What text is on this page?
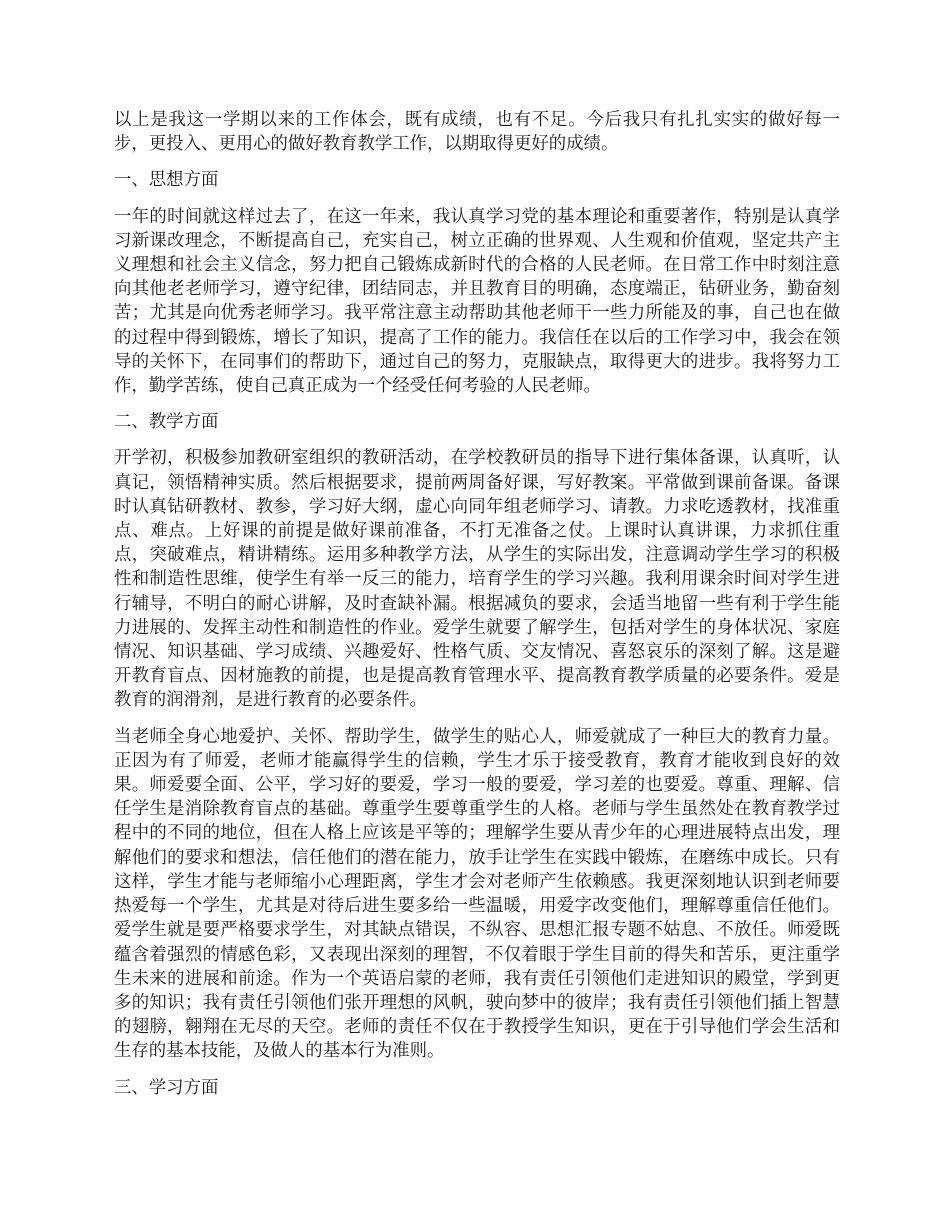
以上是我这一学期以来的工作体会，既有成绩，也有不足。今后我只有扎扎实实的做好每一步，更投入、更用心的做好教育教学工作，以期取得更好的成绩。

一、思想方面

一年的时间就这样过去了，在这一年来，我认真学习党的基本理论和重要著作，特别是认真学习新课改理念，不断提高自己，充实自己，树立正确的世界观、人生观和价值观，坚定共产主义理想和社会主义信念，努力把自己锻炼成新时代的合格的人民老师。在日常工作中时刻注意向其他老老师学习，遵守纪律，团结同志，并且教育目的明确，态度端正，钻研业务，勤奋刻苦；尤其是向优秀老师学习。我平常注意主动帮助其他老师干一些力所能及的事，自己也在做的过程中得到锻炼，增长了知识，提高了工作的能力。我信任在以后的工作学习中，我会在领导的关怀下，在同事们的帮助下，通过自己的努力，克服缺点，取得更大的进步。我将努力工作，勤学苦练，使自己真正成为一个经受任何考验的人民老师。

二、教学方面

开学初，积极参加教研室组织的教研活动，在学校教研员的指导下进行集体备课，认真听，认真记，领悟精神实质。然后根据要求，提前两周备好课，写好教案。平常做到课前备课。备课时认真钻研教材、教参，学习好大纲，虚心向同年组老师学习、请教。力求吃透教材，找准重点、难点。上好课的前提是做好课前准备，不打无准备之仗。上课时认真讲课，力求抓住重点，突破难点，精讲精练。运用多种教学方法，从学生的实际出发，注意调动学生学习的积极性和制造性思维，使学生有举一反三的能力，培育学生的学习兴趣。我利用课余时间对学生进行辅导，不明白的耐心讲解，及时查缺补漏。根据减负的要求，会适当地留一些有利于学生能力进展的、发挥主动性和制造性的作业。爱学生就要了解学生，包括对学生的身体状况、家庭情况、知识基础、学习成绩、兴趣爱好、性格气质、交友情况、喜怒哀乐的深刻了解。这是避开教育盲点、因材施教的前提，也是提高教育管理水平、提高教育教学质量的必要条件。爱是教育的润滑剂，是进行教育的必要条件。

当老师全身心地爱护、关怀、帮助学生，做学生的贴心人，师爱就成了一种巨大的教育力量。正因为有了师爱，老师才能赢得学生的信赖，学生才乐于接受教育，教育才能收到良好的效果。师爱要全面、公平，学习好的要爱，学习一般的要爱，学习差的也要爱。尊重、理解、信任学生是消除教育盲点的基础。尊重学生要尊重学生的人格。老师与学生虽然处在教育教学过程中的不同的地位，但在人格上应该是平等的；理解学生要从青少年的心理进展特点出发，理解他们的要求和想法，信任他们的潜在能力，放手让学生在实践中锻炼，在磨练中成长。只有这样，学生才能与老师缩小心理距离，学生才会对老师产生依赖感。我更深刻地认识到老师要热爱每一个学生，尤其是对待后进生要多给一些温暖，用爱字改变他们，理解尊重信任他们。爱学生就是要严格要求学生，对其缺点错误，不纵容、思想汇报专题不姑息、不放任。师爱既蕴含着强烈的情感色彩，又表现出深刻的理智，不仅着眼于学生目前的得失和苦乐，更注重学生未来的进展和前途。作为一个英语启蒙的老师，我有责任引领他们走进知识的殿堂，学到更多的知识；我有责任引领他们张开理想的风帆，驶向梦中的彼岸；我有责任引领他们插上智慧的翅膀，翱翔在无尽的天空。老师的责任不仅在于教授学生知识，更在于引导他们学会生活和生存的基本技能，及做人的基本行为准则。

三、学习方面
